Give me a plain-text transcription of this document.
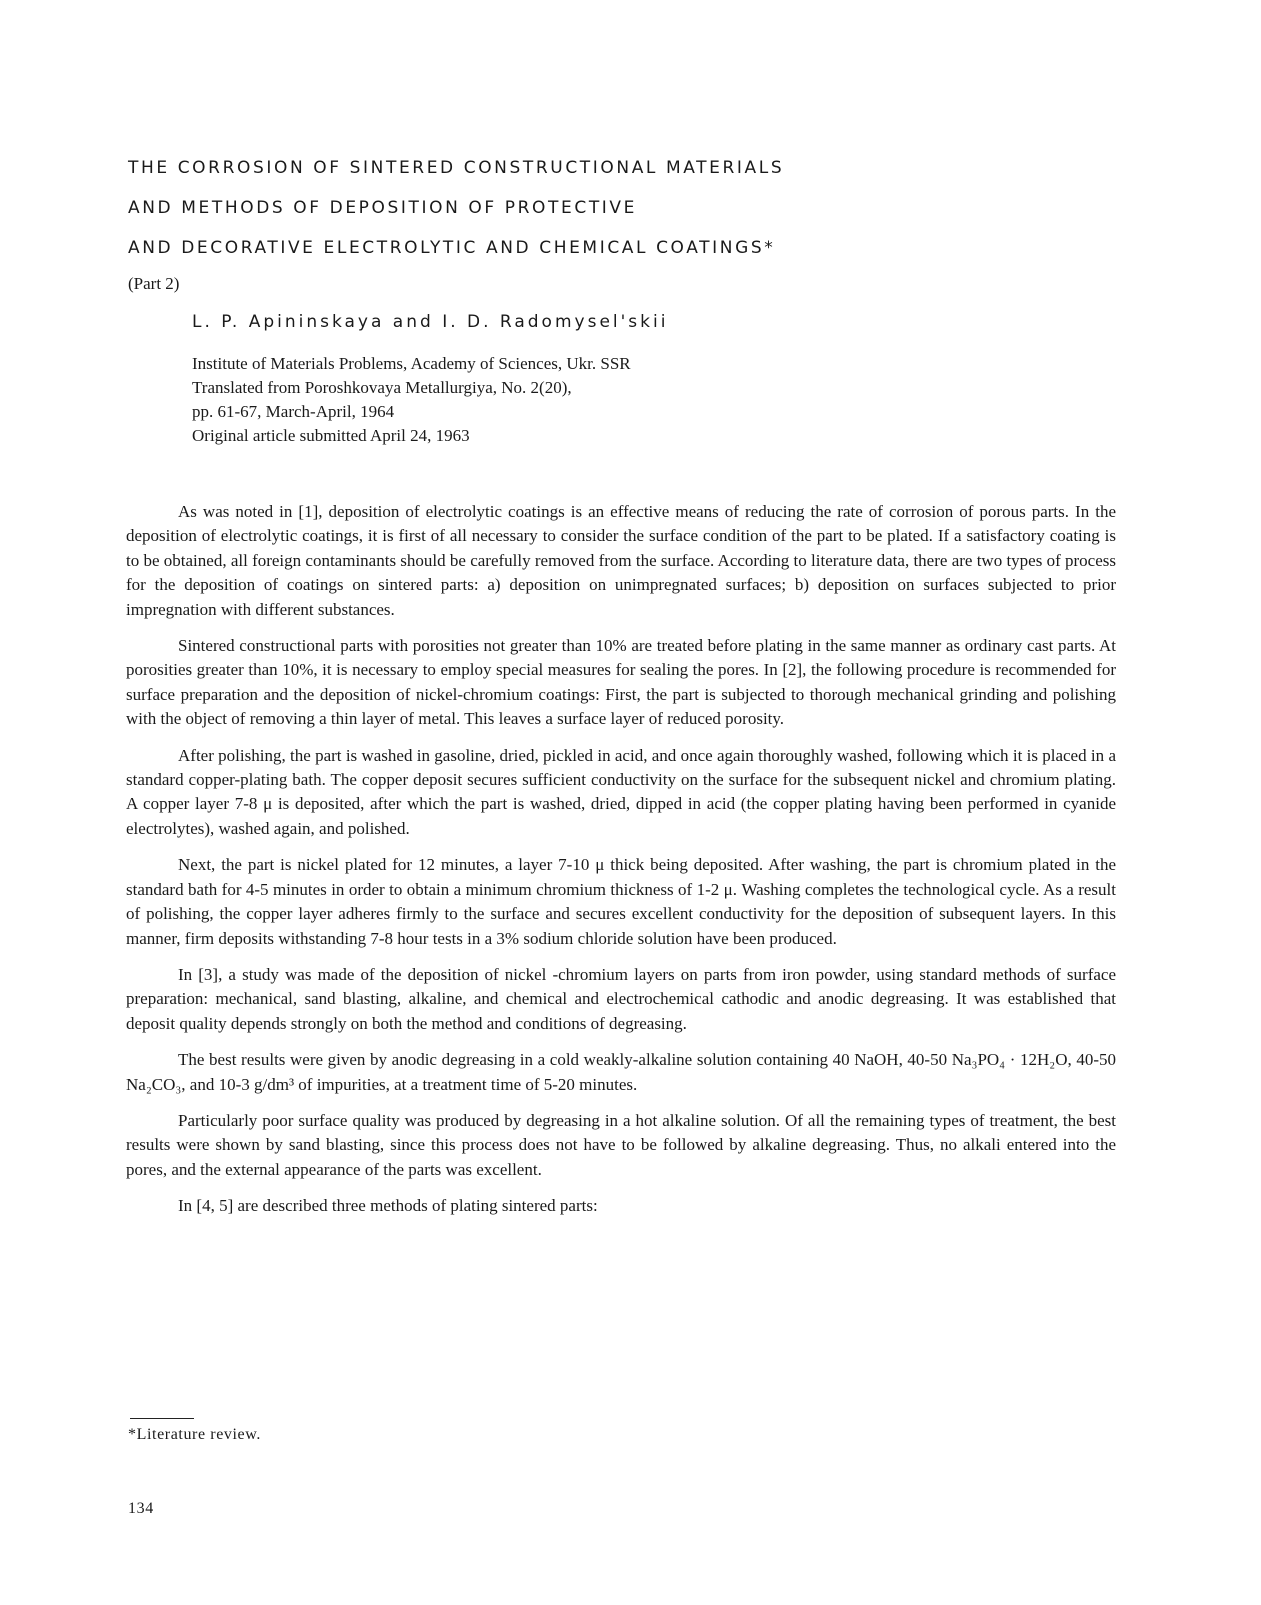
THE CORROSION OF SINTERED CONSTRUCTIONAL MATERIALS
AND METHODS OF DEPOSITION OF PROTECTIVE
AND DECORATIVE ELECTROLYTIC AND CHEMICAL COATINGS*
(Part 2)
L. P. Apininskaya and I. D. Radomysel'skii
Institute of Materials Problems, Academy of Sciences, Ukr. SSR
Translated from Poroshkovaya Metallurgiya, No. 2(20),
pp. 61-67, March-April, 1964
Original article submitted April 24, 1963

As was noted in [1], deposition of electrolytic coatings is an effective means of reducing the rate of corrosion of porous parts. In the deposition of electrolytic coatings, it is first of all necessary to consider the surface condition of the part to be plated. If a satisfactory coating is to be obtained, all foreign contaminants should be carefully removed from the surface. According to literature data, there are two types of process for the deposition of coatings on sintered parts: a) deposition on unimpregnated surfaces; b) deposition on surfaces subjected to prior impregnation with different substances.

Sintered constructional parts with porosities not greater than 10% are treated before plating in the same manner as ordinary cast parts. At porosities greater than 10%, it is necessary to employ special measures for sealing the pores. In [2], the following procedure is recommended for surface preparation and the deposition of nickel-chromium coatings: First, the part is subjected to thorough mechanical grinding and polishing with the object of removing a thin layer of metal. This leaves a surface layer of reduced porosity.

After polishing, the part is washed in gasoline, dried, pickled in acid, and once again thoroughly washed, following which it is placed in a standard copper-plating bath. The copper deposit secures sufficient conductivity on the surface for the subsequent nickel and chromium plating. A copper layer 7-8 μ is deposited, after which the part is washed, dried, dipped in acid (the copper plating having been performed in cyanide electrolytes), washed again, and polished.

Next, the part is nickel plated for 12 minutes, a layer 7-10 μ thick being deposited. After washing, the part is chromium plated in the standard bath for 4-5 minutes in order to obtain a minimum chromium thickness of 1-2 μ. Washing completes the technological cycle. As a result of polishing, the copper layer adheres firmly to the surface and secures excellent conductivity for the deposition of subsequent layers. In this manner, firm deposits withstanding 7-8 hour tests in a 3% sodium chloride solution have been produced.

In [3], a study was made of the deposition of nickel -chromium layers on parts from iron powder, using standard methods of surface preparation: mechanical, sand blasting, alkaline, and chemical and electrochemical cathodic and anodic degreasing. It was established that deposit quality depends strongly on both the method and conditions of degreasing.

The best results were given by anodic degreasing in a cold weakly-alkaline solution containing 40 NaOH, 40-50 Na₃PO₄ · 12H₂O, 40-50 Na₂CO₃, and 10-3 g/dm³ of impurities, at a treatment time of 5-20 minutes.

Particularly poor surface quality was produced by degreasing in a hot alkaline solution. Of all the remaining types of treatment, the best results were shown by sand blasting, since this process does not have to be followed by alkaline degreasing. Thus, no alkali entered into the pores, and the external appearance of the parts was excellent.

In [4, 5] are described three methods of plating sintered parts:

*Literature review.
134
